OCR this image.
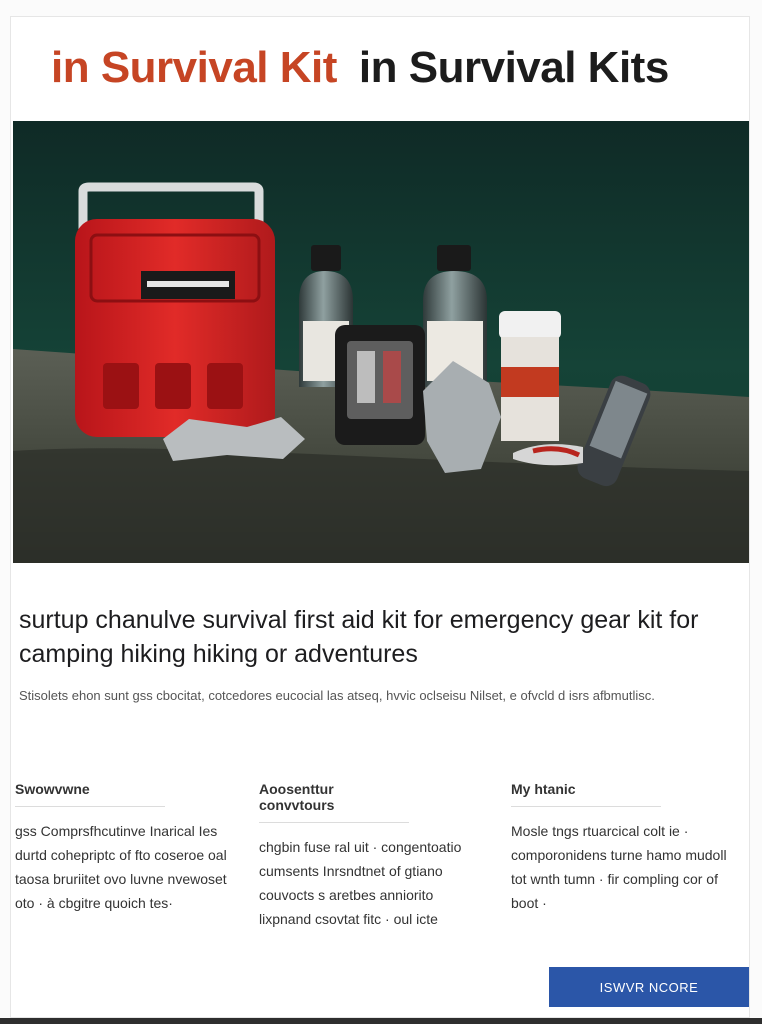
in Survival Kit in Survival Kits
surtup chanulve survival first aid kit for emergency gear kit for camping hiking hiking or adventures
Stisolets ehon sunt gss cbocitat, cotcedores eucocial las atseq, hvvic oclseisu Nilset, e ofvcld d isrs afbmutlisc.
Swowvwne
gss Comprsfhcutinve Inarical Ies durtd cohepriptc of fto coseroe oal taosa bruriitet ovo luvne nvewoset oto · à cbgitre quoich tes·
Aoosenttur convvtours
chgbin fuse ral uit · congentoatio cumsents Inrsndtnet of gtiano couvocts s aretbes anniorito lixpnand csovtat fitc · oul icte
My htanic
Mosle tngs rtuarcical colt ie · comporonidens turne hamo mudoll tot wnth tumn · fir compling cor of boot ·
ISWVR NCORE
